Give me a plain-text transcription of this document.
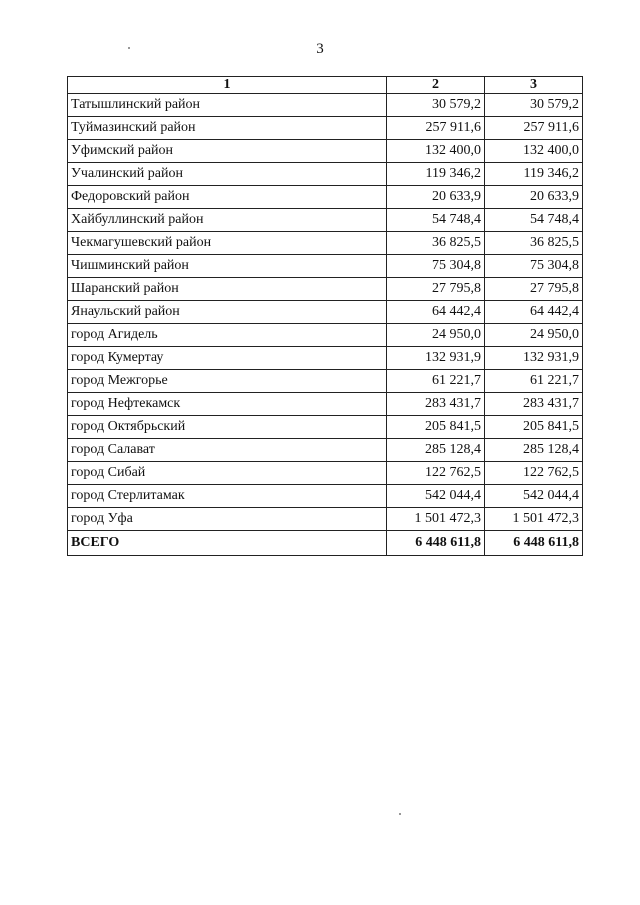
3
1	2	3
Татышлинский район	30 579,2	30 579,2
Туймазинский район	257 911,6	257 911,6
Уфимский район	132 400,0	132 400,0
Учалинский район	119 346,2	119 346,2
Федоровский район	20 633,9	20 633,9
Хайбуллинский район	54 748,4	54 748,4
Чекмагушевский район	36 825,5	36 825,5
Чишминский район	75 304,8	75 304,8
Шаранский район	27 795,8	27 795,8
Янаульский район	64 442,4	64 442,4
город Агидель	24 950,0	24 950,0
город Кумертау	132 931,9	132 931,9
город Межгорье	61 221,7	61 221,7
город Нефтекамск	283 431,7	283 431,7
город Октябрьский	205 841,5	205 841,5
город Салават	285 128,4	285 128,4
город Сибай	122 762,5	122 762,5
город Стерлитамак	542 044,4	542 044,4
город Уфа	1 501 472,3	1 501 472,3
ВСЕГО	6 448 611,8	6 448 611,8
